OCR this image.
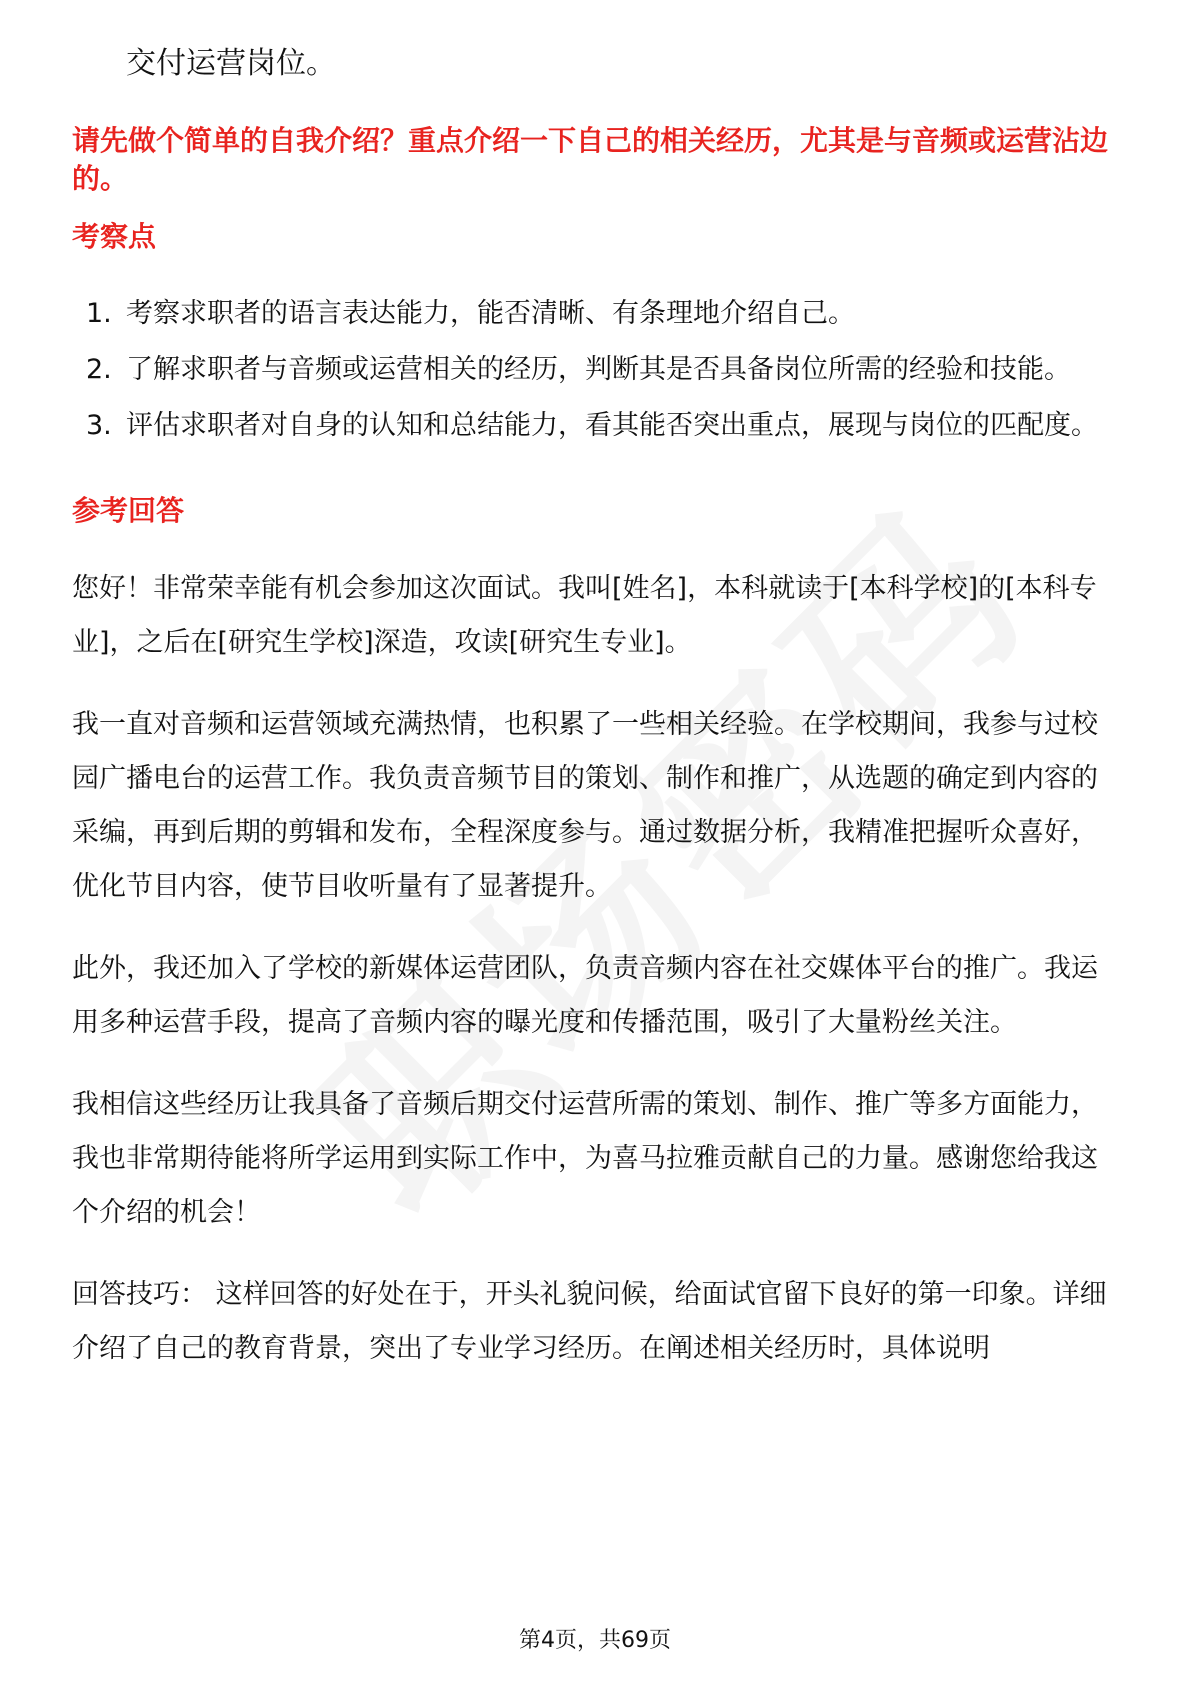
交付运营岗位。

请先做个简单的自我介绍？重点介绍一下自己的相关经历，尤其是与音频或运营沾边的。

考察点
1. 考察求职者的语言表达能力，能否清晰、有条理地介绍自己。
2. 了解求职者与音频或运营相关的经历，判断其是否具备岗位所需的经验和技能。
3. 评估求职者对自身的认知和总结能力，看其能否突出重点，展现与岗位的匹配度。
参考回答

您好！非常荣幸能有机会参加这次面试。我叫[姓名]，本科就读于[本科学校]的[本科专业]，之后在[研究生学校]深造，攻读[研究生专业]。

我一直对音频和运营领域充满热情，也积累了一些相关经验。在学校期间，我参与过校园广播电台的运营工作。我负责音频节目的策划、制作和推广，从选题的确定到内容的采编，再到后期的剪辑和发布，全程深度参与。通过数据分析，我精准把握听众喜好，优化节目内容，使节目收听量有了显著提升。

此外，我还加入了学校的新媒体运营团队，负责音频内容在社交媒体平台的推广。我运用多种运营手段，提高了音频内容的曝光度和传播范围，吸引了大量粉丝关注。

我相信这些经历让我具备了音频后期交付运营所需的策划、制作、推广等多方面能力，我也非常期待能将所学运用到实际工作中，为喜马拉雅贡献自己的力量。感谢您给我这个介绍的机会！

回答技巧： 这样回答的好处在于，开头礼貌问候，给面试官留下良好的第一印象。详细介绍了自己的教育背景，突出了专业学习经历。在阐述相关经历时，具体说明

第4页，共69页
